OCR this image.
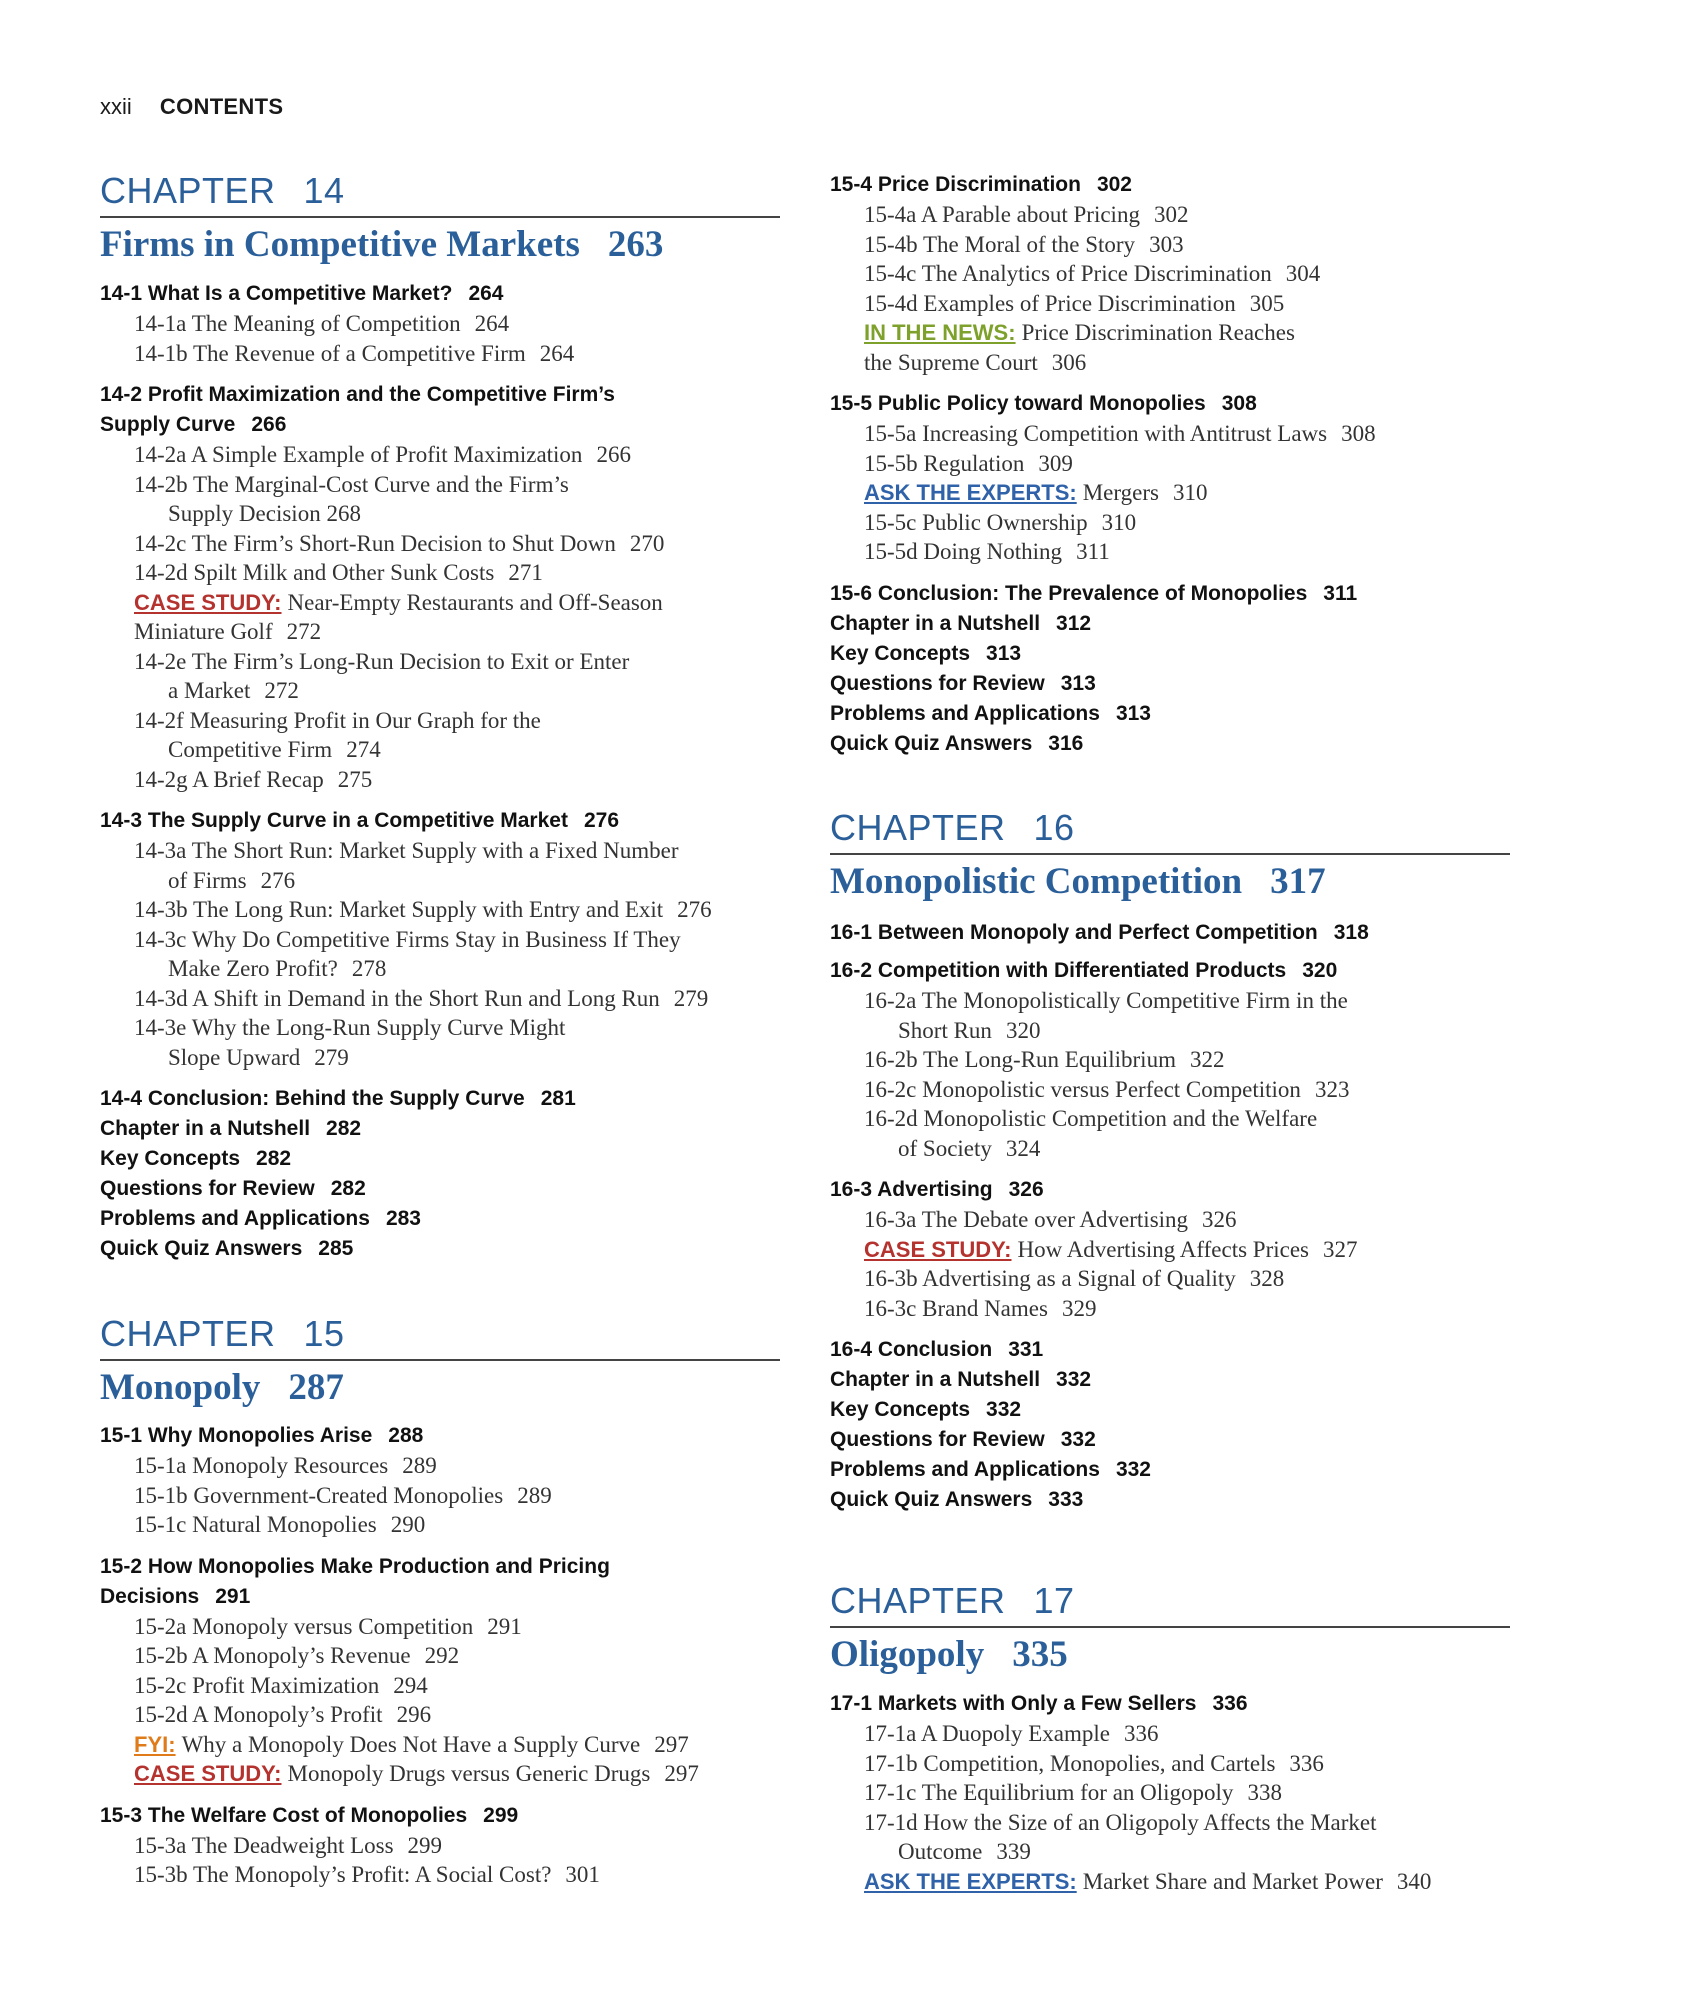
xxii CONTENTS
CHAPTER 14
Firms in Competitive Markets 263
14-1 What Is a Competitive Market? 264
14-1a The Meaning of Competition 264
14-1b The Revenue of a Competitive Firm 264
14-2 Profit Maximization and the Competitive Firm’s
Supply Curve 266
14-2a A Simple Example of Profit Maximization 266
14-2b The Marginal-Cost Curve and the Firm’s
Supply Decision 268
14-2c The Firm’s Short-Run Decision to Shut Down 270
14-2d Spilt Milk and Other Sunk Costs 271
CASE STUDY: Near-Empty Restaurants and Off-Season
Miniature Golf 272
14-2e The Firm’s Long-Run Decision to Exit or Enter
a Market 272
14-2f Measuring Profit in Our Graph for the
Competitive Firm 274
14-2g A Brief Recap 275
14-3 The Supply Curve in a Competitive Market 276
14-3a The Short Run: Market Supply with a Fixed Number
of Firms 276
14-3b The Long Run: Market Supply with Entry and Exit 276
14-3c Why Do Competitive Firms Stay in Business If They
Make Zero Profit? 278
14-3d A Shift in Demand in the Short Run and Long Run 279
14-3e Why the Long-Run Supply Curve Might
Slope Upward 279
14-4 Conclusion: Behind the Supply Curve 281
Chapter in a Nutshell 282
Key Concepts 282
Questions for Review 282
Problems and Applications 283
Quick Quiz Answers 285
CHAPTER 15
Monopoly 287
15-1 Why Monopolies Arise 288
15-1a Monopoly Resources 289
15-1b Government-Created Monopolies 289
15-1c Natural Monopolies 290
15-2 How Monopolies Make Production and Pricing
Decisions 291
15-2a Monopoly versus Competition 291
15-2b A Monopoly’s Revenue 292
15-2c Profit Maximization 294
15-2d A Monopoly’s Profit 296
FYI: Why a Monopoly Does Not Have a Supply Curve 297
CASE STUDY: Monopoly Drugs versus Generic Drugs 297
15-3 The Welfare Cost of Monopolies 299
15-3a The Deadweight Loss 299
15-3b The Monopoly’s Profit: A Social Cost? 301
15-4 Price Discrimination 302
15-4a A Parable about Pricing 302
15-4b The Moral of the Story 303
15-4c The Analytics of Price Discrimination 304
15-4d Examples of Price Discrimination 305
IN THE NEWS: Price Discrimination Reaches
the Supreme Court 306
15-5 Public Policy toward Monopolies 308
15-5a Increasing Competition with Antitrust Laws 308
15-5b Regulation 309
ASK THE EXPERTS: Mergers 310
15-5c Public Ownership 310
15-5d Doing Nothing 311
15-6 Conclusion: The Prevalence of Monopolies 311
Chapter in a Nutshell 312
Key Concepts 313
Questions for Review 313
Problems and Applications 313
Quick Quiz Answers 316
CHAPTER 16
Monopolistic Competition 317
16-1 Between Monopoly and Perfect Competition 318
16-2 Competition with Differentiated Products 320
16-2a The Monopolistically Competitive Firm in the
Short Run 320
16-2b The Long-Run Equilibrium 322
16-2c Monopolistic versus Perfect Competition 323
16-2d Monopolistic Competition and the Welfare
of Society 324
16-3 Advertising 326
16-3a The Debate over Advertising 326
CASE STUDY: How Advertising Affects Prices 327
16-3b Advertising as a Signal of Quality 328
16-3c Brand Names 329
16-4 Conclusion 331
Chapter in a Nutshell 332
Key Concepts 332
Questions for Review 332
Problems and Applications 332
Quick Quiz Answers 333
CHAPTER 17
Oligopoly 335
17-1 Markets with Only a Few Sellers 336
17-1a A Duopoly Example 336
17-1b Competition, Monopolies, and Cartels 336
17-1c The Equilibrium for an Oligopoly 338
17-1d How the Size of an Oligopoly Affects the Market
Outcome 339
ASK THE EXPERTS: Market Share and Market Power 340
